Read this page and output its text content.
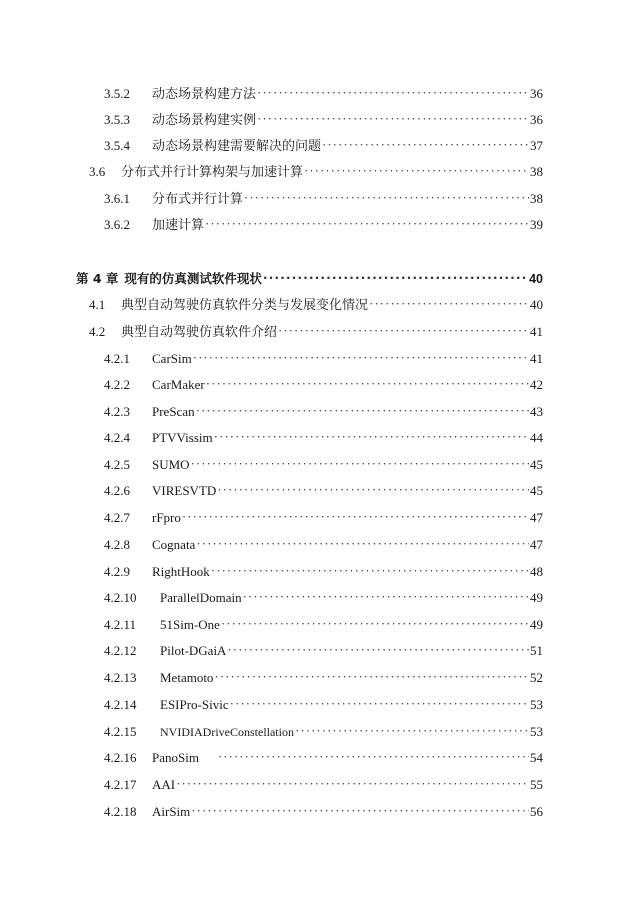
3.5.2	动态场景构建方法 ·····	36
3.5.3	动态场景构建实例 ·····	36
3.5.4	动态场景构建需要解决的问题 ·····	37
3.6	分布式并行计算构架与加速计算 ·····	38
3.6.1	分布式并行计算 ·····	38
3.6.2	加速计算 ·····	39
第 4 章 现有的仿真测试软件现状 ·····	40
4.1	典型自动驾驶仿真软件分类与发展变化情况 ·····	40
4.2	典型自动驾驶仿真软件介绍 ·····	41
4.2.1	CarSim ·····	41
4.2.2	CarMaker ·····	42
4.2.3	PreScan ·····	43
4.2.4	PTVVissim ·····	44
4.2.5	SUMO ·····	45
4.2.6	VIRESVTD ·····	45
4.2.7	rFpro ·····	47
4.2.8	Cognata ·····	47
4.2.9	RightHook ·····	48
4.2.10	ParallelDomain ·····	49
4.2.11	51Sim-One ·····	49
4.2.12	Pilot-DGaiA ·····	51
4.2.13	Metamoto ·····	52
4.2.14	ESIPro-Sivic ·····	53
4.2.15	NVIDIADriveConstellation ·····	53
4.2.16	PanoSim ·····	54
4.2.17	AAI ·····	55
4.2.18	AirSim ·····	56
